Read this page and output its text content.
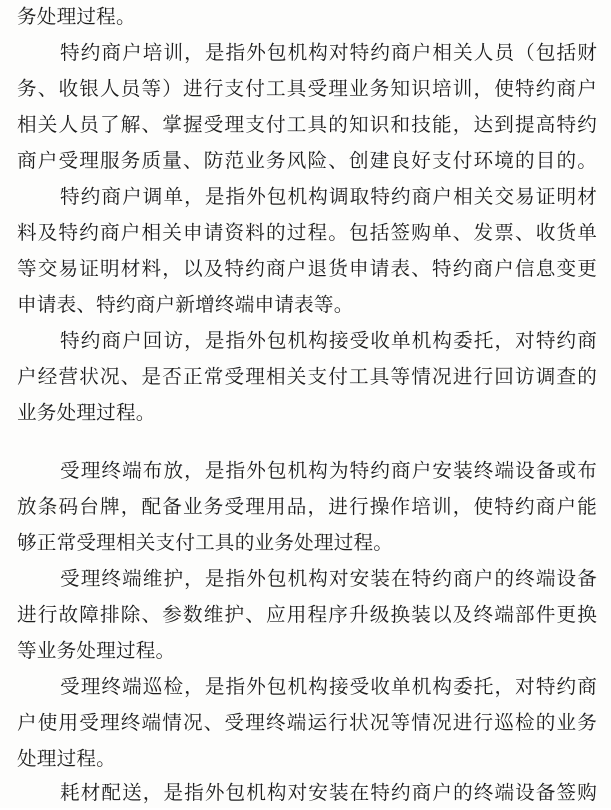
务处理过程。
特约商户培训，是指外包机构对特约商户相关人员（包括财
务、收银人员等）进行支付工具受理业务知识培训，使特约商户
相关人员了解、掌握受理支付工具的知识和技能，达到提高特约
商户受理服务质量、防范业务风险、创建良好支付环境的目的。
特约商户调单，是指外包机构调取特约商户相关交易证明材
料及特约商户相关申请资料的过程。包括签购单、发票、收货单
等交易证明材料，以及特约商户退货申请表、特约商户信息变更
申请表、特约商户新增终端申请表等。
特约商户回访，是指外包机构接受收单机构委托，对特约商
户经营状况、是否正常受理相关支付工具等情况进行回访调查的
业务处理过程。
受理终端布放，是指外包机构为特约商户安装终端设备或布
放条码台牌，配备业务受理用品，进行操作培训，使特约商户能
够正常受理相关支付工具的业务处理过程。
受理终端维护，是指外包机构对安装在特约商户的终端设备
进行故障排除、参数维护、应用程序升级换装以及终端部件更换
等业务处理过程。
受理终端巡检，是指外包机构接受收单机构委托，对特约商
户使用受理终端情况、受理终端运行状况等情况进行巡检的业务
处理过程。
耗材配送，是指外包机构对安装在特约商户的终端设备签购
